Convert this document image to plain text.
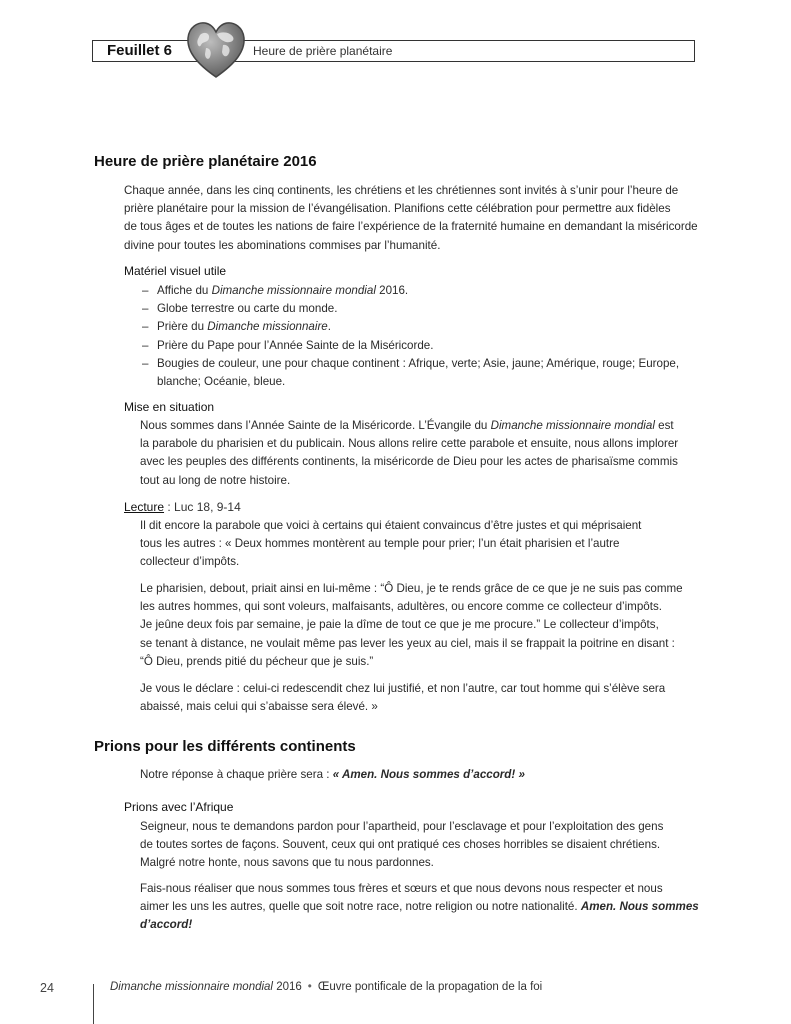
Feuillet 6	Heure de prière planétaire
Heure de prière planétaire 2016
Chaque année, dans les cinq continents, les chrétiens et les chrétiennes sont invités à s’unir pour l’heure de
prière planétaire pour la mission de l’évangélisation. Planifions cette célébration pour permettre aux fidèles
de tous âges et de toutes les nations de faire l’expérience de la fraternité humaine en demandant la miséricorde
divine pour toutes les abominations commises par l’humanité.
Matériel visuel utile
– Affiche du Dimanche missionnaire mondial 2016.
– Globe terrestre ou carte du monde.
– Prière du Dimanche missionnaire.
– Prière du Pape pour l’Année Sainte de la Miséricorde.
– Bougies de couleur, une pour chaque continent : Afrique, verte; Asie, jaune; Amérique, rouge; Europe,
blanche; Océanie, bleue.
Mise en situation
Nous sommes dans l’Année Sainte de la Miséricorde. L’Évangile du Dimanche missionnaire mondial est
la parabole du pharisien et du publicain. Nous allons relire cette parabole et ensuite, nous allons implorer
avec les peuples des différents continents, la miséricorde de Dieu pour les actes de pharisaïsme commis
tout au long de notre histoire.
Lecture : Luc 18, 9-14
Il dit encore la parabole que voici à certains qui étaient convaincus d’être justes et qui méprisaient
tous les autres : « Deux hommes montèrent au temple pour prier; l’un était pharisien et l’autre
collecteur d’impôts.
Le pharisien, debout, priait ainsi en lui-même : “Ô Dieu, je te rends grâce de ce que je ne suis pas comme
les autres hommes, qui sont voleurs, malfaisants, adultères, ou encore comme ce collecteur d’impôts.
Je jeûne deux fois par semaine, je paie la dîme de tout ce que je me procure.” Le collecteur d’impôts,
se tenant à distance, ne voulait même pas lever les yeux au ciel, mais il se frappait la poitrine en disant :
“Ô Dieu, prends pitié du pécheur que je suis.”
Je vous le déclare : celui-ci redescendit chez lui justifié, et non l’autre, car tout homme qui s’élève sera
abaissé, mais celui qui s’abaisse sera élevé. »
Prions pour les différents continents
Notre réponse à chaque prière sera : « Amen. Nous sommes d’accord! »
Prions avec l’Afrique
Seigneur, nous te demandons pardon pour l’apartheid, pour l’esclavage et pour l’exploitation des gens
de toutes sortes de façons. Souvent, ceux qui ont pratiqué ces choses horribles se disaient chrétiens.
Malgré notre honte, nous savons que tu nous pardonnes.
Fais-nous réaliser que nous sommes tous frères et sœurs et que nous devons nous respecter et nous
aimer les uns les autres, quelle que soit notre race, notre religion ou notre nationalité. Amen. Nous sommes
d’accord!
24	Dimanche missionnaire mondial 2016 • Œuvre pontificale de la propagation de la foi
